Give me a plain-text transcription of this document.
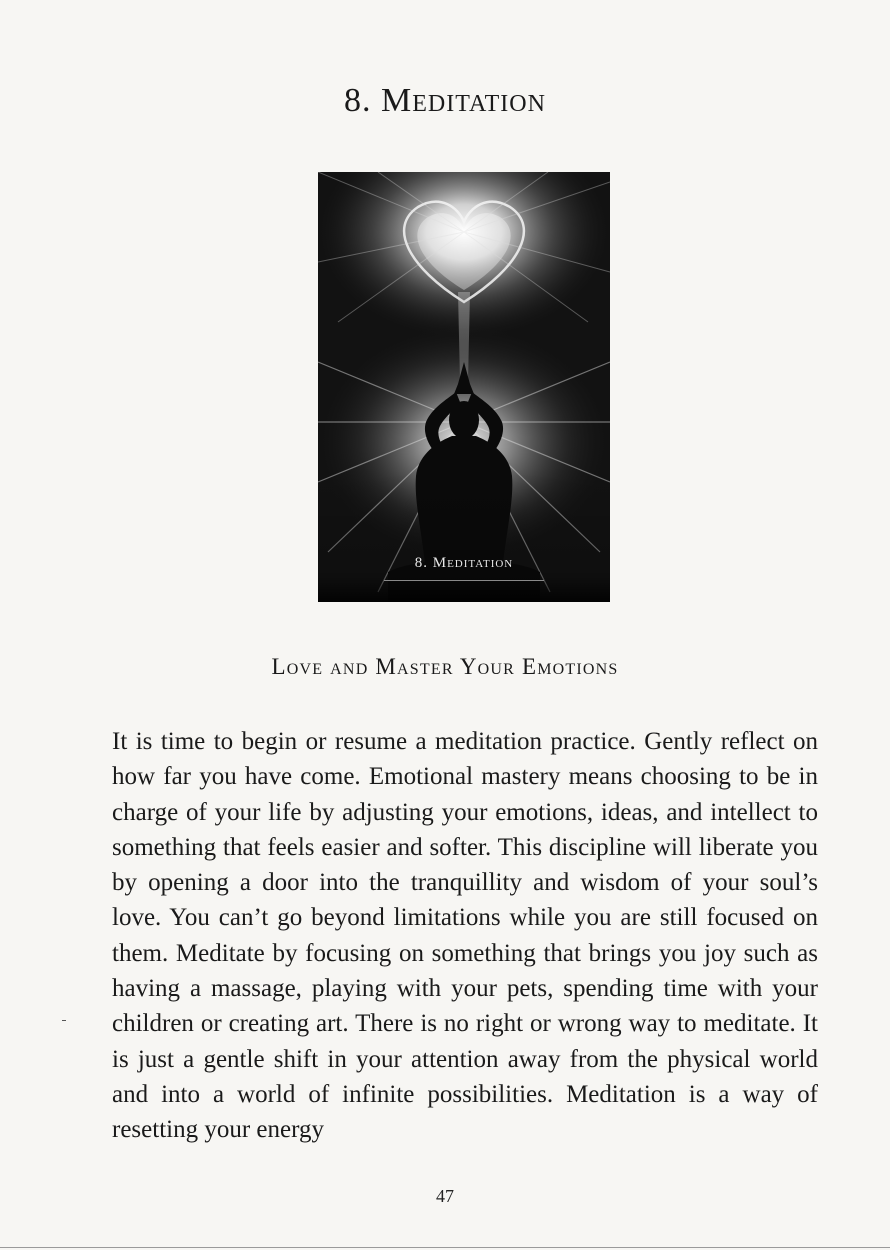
8. Meditation
8. Meditation
Love and Master Your Emotions
It is time to begin or resume a meditation practice. Gently reflect on how far you have come. Emotional mastery means choosing to be in charge of your life by adjusting your emotions, ideas, and intellect to something that feels easier and softer. This discipline will liberate you by opening a door into the tranquillity and wisdom of your soul’s love. You can’t go beyond limitations while you are still focused on them. Meditate by focusing on something that brings you joy such as having a massage, playing with your pets, spending time with your children or creating art. There is no right or wrong way to meditate. It is just a gentle shift in your attention away from the physical world and into a world of infinite possibilities. Meditation is a way of resetting your energy
47
